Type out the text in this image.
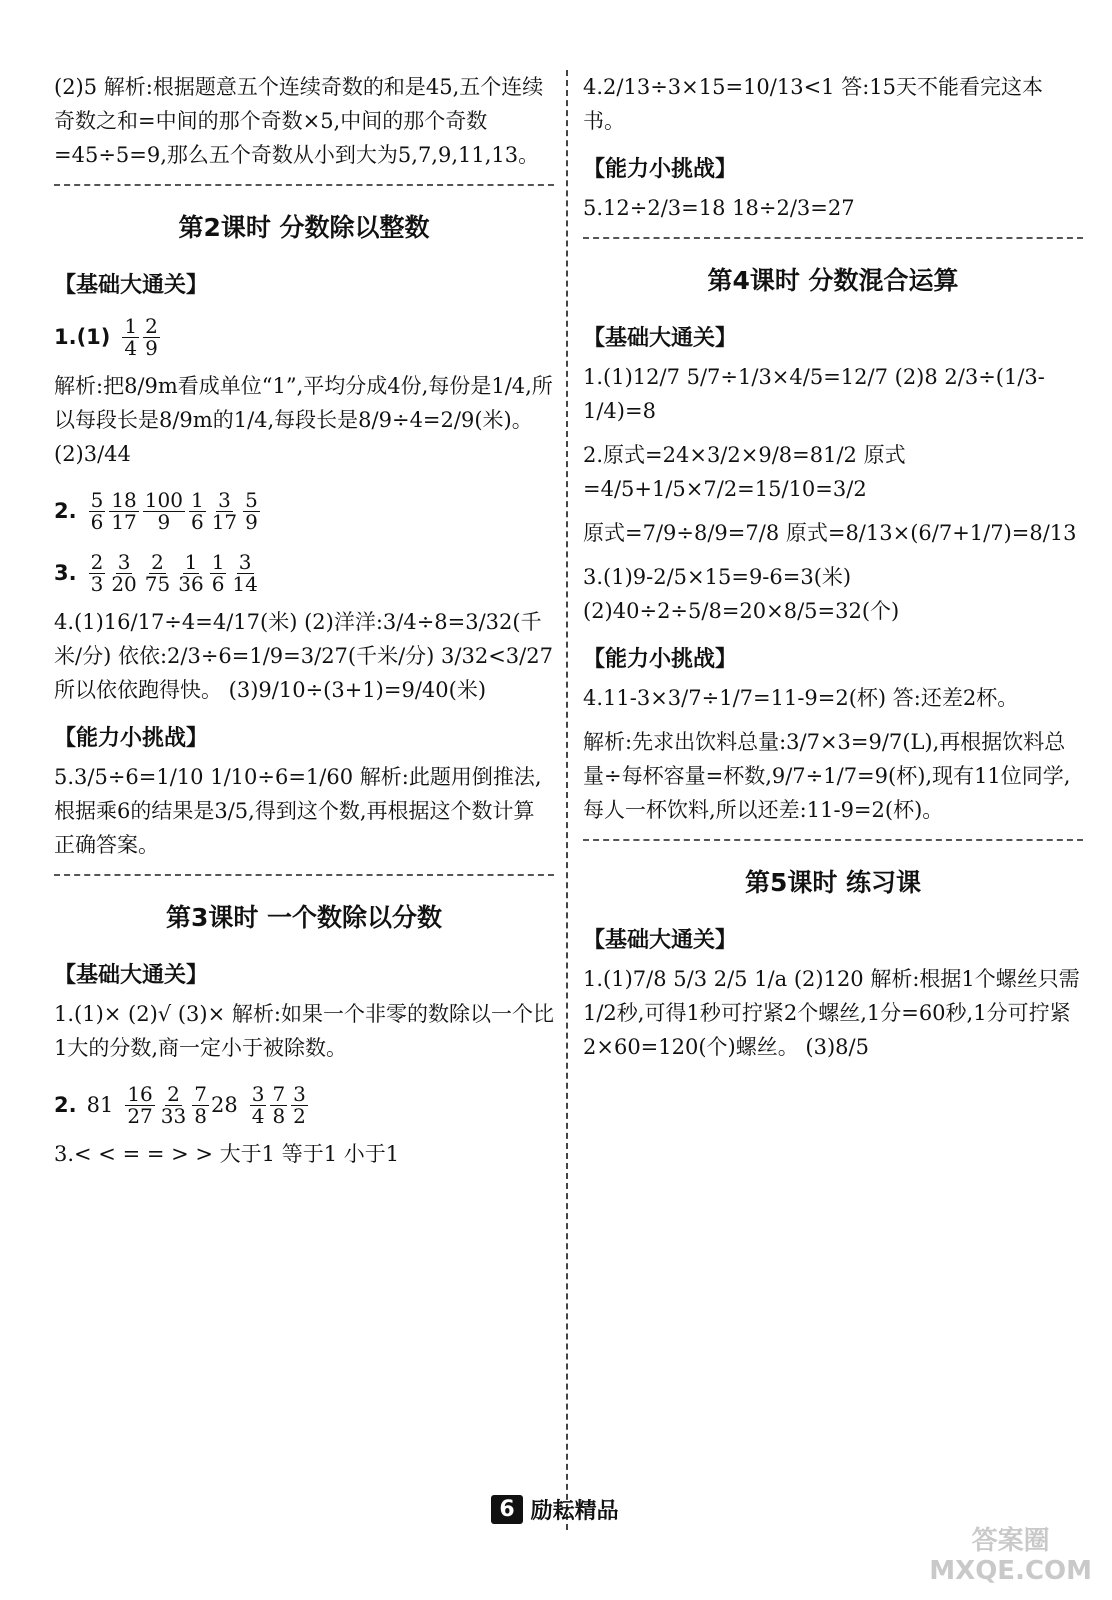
(2)5 解析:根据题意五个连续奇数的和是45,五个连续奇数之和=中间的那个奇数×5,中间的那个奇数=45÷5=9,那么五个奇数从小到大为5,7,9,11,13。

第2课时 分数除以整数
【基础大通关】
$1.(1) \frac{1}{4} \frac{2}{9}$

解析:把8/9m看成单位“1”,平均分成4份,每份是1/4,所以每段长是8/9m的1/4,每段长是8/9÷4=2/9(米)。 (2)3/44

2. $\frac{5}{6} \frac{18}{17} \frac{100}{9} \frac{1}{6} \frac{3}{17} \frac{5}{9}$
3. $\frac{2}{3} \frac{3}{20} \frac{2}{75} \frac{1}{36} \frac{1}{6} \frac{3}{14}$

4.(1)16/17÷4=4/17(米) (2)洋洋:3/4÷8=3/32(千米/分) 依依:2/3÷6=1/9=3/27(千米/分) 3/32<3/27 所以依依跑得快。 (3)9/10÷(3+1)=9/40(米)

【能力小挑战】

5.3/5÷6=1/10 1/10÷6=1/60 解析:此题用倒推法,根据乘6的结果是3/5,得到这个数,再根据这个数计算正确答案。

第3课时 一个数除以分数
【基础大通关】

1.(1)× (2)√ (3)× 解析:如果一个非零的数除以一个比1大的分数,商一定小于被除数。

2. $81 \frac{16}{27} \frac{2}{33} \frac{7}{8} 28 \frac{3}{4} \frac{7}{8} \frac{3}{2}$

3.< < = = > > 大于1 等于1 小于1

4.2/13÷3×15=10/13<1 答:15天不能看完这本书。

【能力小挑战】

5.12÷2/3=18 18÷2/3=27

第4课时 分数混合运算
【基础大通关】

1.(1)12/7 5/7÷1/3×4/5=12/7 (2)8 2/3÷(1/3-1/4)=8

2.原式=24×3/2×9/8=81/2 原式=4/5+1/5×7/2=15/10=3/2

原式=7/9÷8/9=7/8 原式=8/13×(6/7+1/7)=8/13

3.(1)9-2/5×15=9-6=3(米) (2)40÷2÷5/8=20×8/5=32(个)

【能力小挑战】

4.11-3×3/7÷1/7=11-9=2(杯) 答:还差2杯。

解析:先求出饮料总量:3/7×3=9/7(L),再根据饮料总量÷每杯容量=杯数,9/7÷1/7=9(杯),现有11位同学,每人一杯饮料,所以还差:11-9=2(杯)。

第5课时 练习课
【基础大通关】

1.(1)7/8 5/3 2/5 1/a (2)120 解析:根据1个螺丝只需1/2秒,可得1秒可拧紧2个螺丝,1分=60秒,1分可拧紧2×60=120(个)螺丝。 (3)8/5

6 励耘精品
答案圈
MXQE.COM
